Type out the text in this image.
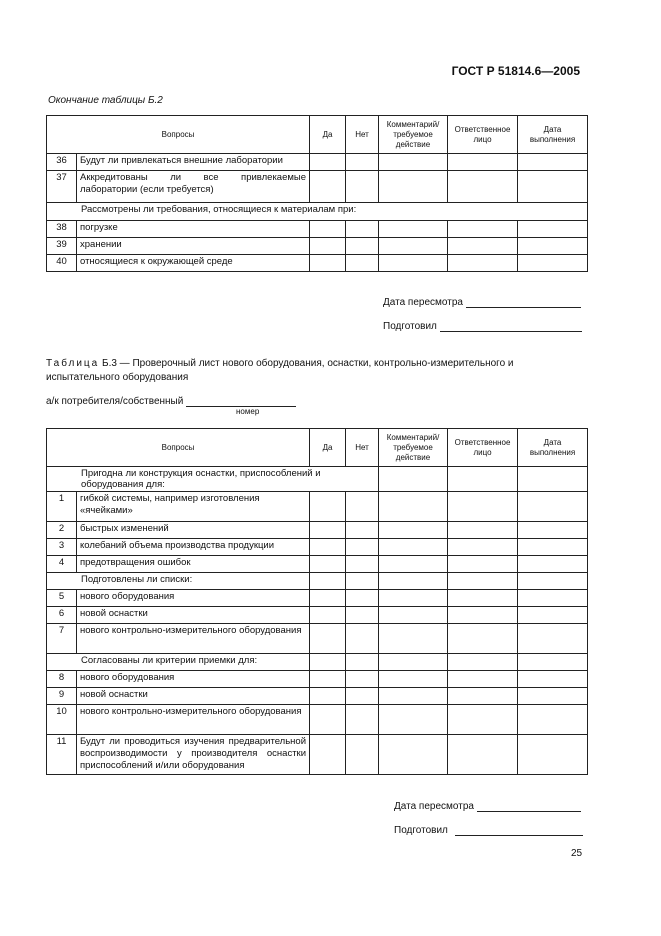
ГОСТ Р 51814.6—2005
Окончание таблицы Б.2
Вопросы		Да	Нет	Комментарий/ требуемое действие	Ответственное лицо	Дата выполнения
36	Будут ли привлекаться внешние лаборатории					
37	Аккредитованы ли все привлекаемые лаборатории (если требуется)					
Рассмотрены ли требования, относящиеся к материалам при:						
38	погрузке					
39	хранении					
40	относящиеся к окружающей среде					
Дата пересмотра
Подготовил
Таблица Б.3 — Проверочный лист нового оборудования, оснастки, контрольно-измерительного и испытательного оборудования
а/к потребителя/собственный
номер
Вопросы		Да	Нет	Комментарий/ требуемое действие	Ответственное лицо	Дата выполнения
Пригодна ли конструкция оснастки, приспособлений и оборудования для:						
1	гибкой системы, например изготовления «ячейками»					
2	быстрых изменений					
3	колебаний объема производства продукции					
4	предотвращения ошибок					
Подготовлены ли списки:						
5	нового оборудования					
6	новой оснастки					
7	нового контрольно-измерительного оборудования					
Согласованы ли критерии приемки для:						
8	нового оборудования					
9	новой оснастки					
10	нового контрольно-измерительного оборудования					
11	Будут ли проводиться изучения предварительной воспроизводимости у производителя оснастки приспособлений и/или оборудования					
Дата пересмотра
Подготовил
25
